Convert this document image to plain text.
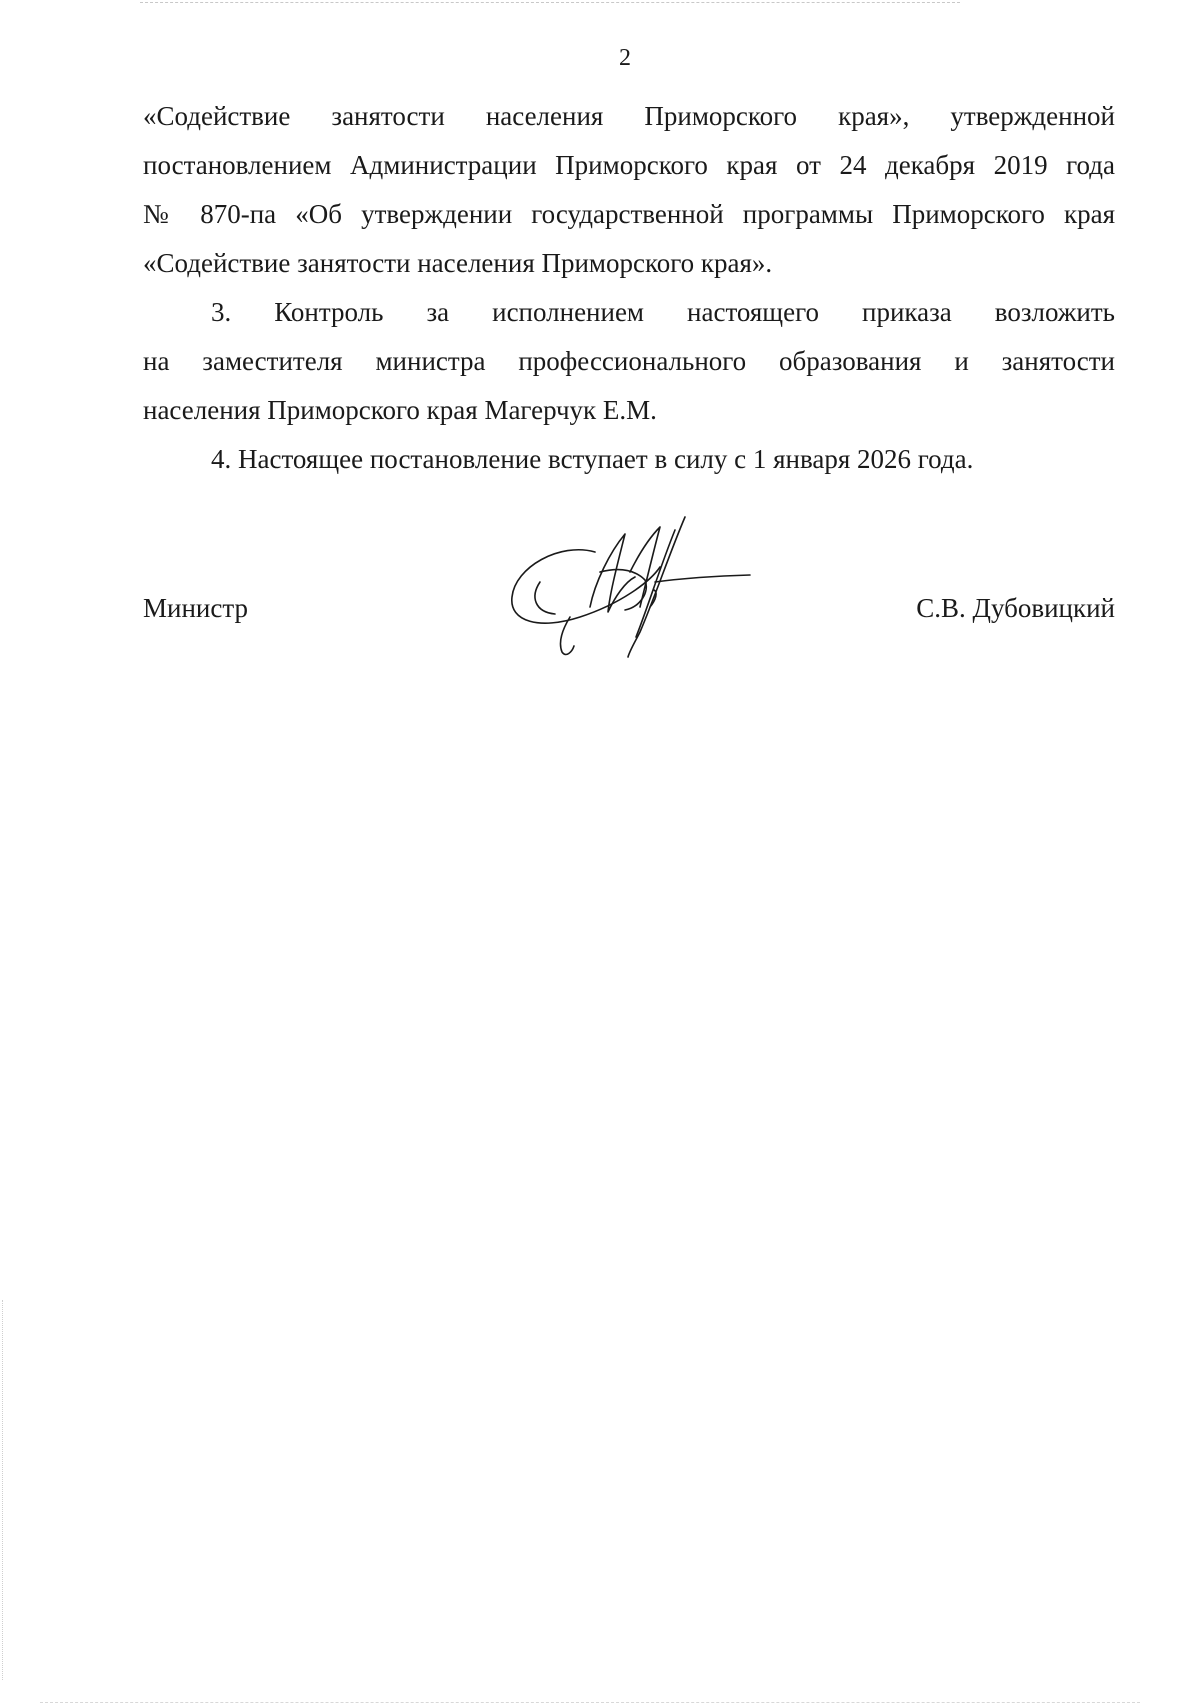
2

«Содействие занятости населения Приморского края», утвержденной
постановлением Администрации Приморского края от 24 декабря 2019 года
№ 870-па «Об утверждении государственной программы Приморского края
«Содействие занятости населения Приморского края».

3. Контроль за исполнением настоящего приказа возложить
на заместителя министра профессионального образования и занятости
населения Приморского края Магерчук Е.М.

4. Настоящее постановление вступает в силу с 1 января 2026 года.

Министр	С.В. Дубовицкий
